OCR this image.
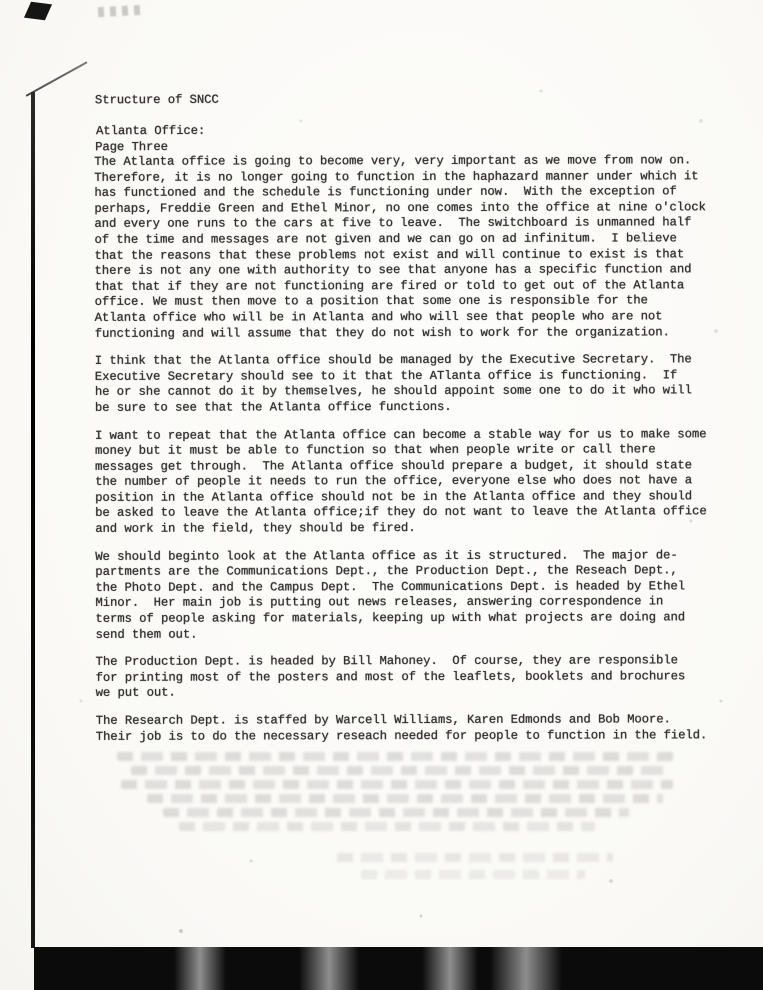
Structure of SNCC

Page Three

Atlanta Office:

The Atlanta office is going to become very, very important as we move from now on.
Therefore, it is no longer going to function in the haphazard manner under which it
has functioned and the schedule is functioning under now.  With the exception of
perhaps, Freddie Green and Ethel Minor, no one comes into the office at nine o'clock
and every one runs to the cars at five to leave.  The switchboard is unmanned half
of the time and messages are not given and we can go on ad infinitum.  I believe
that the reasons that these problems not exist and will continue to exist is that
there is not any one with authority to see that anyone has a specific function and
that that if they are not functioning are fired or told to get out of the Atlanta
office. We must then move to a position that some one is responsible for the
Atlanta office who will be in Atlanta and who will see that people who are not
functioning and will assume that they do not wish to work for the organization.

I think that the Atlanta office should be managed by the Executive Secretary.  The
Executive Secretary should see to it that the ATlanta office is functioning.  If
he or she cannot do it by themselves, he should appoint some one to do it who will
be sure to see that the Atlanta office functions.

I want to repeat that the Atlanta office can become a stable way for us to make some
money but it must be able to function so that when people write or call there
messages get through.  The Atlanta office should prepare a budget, it should state
the number of people it needs to run the office, everyone else who does not have a
position in the Atlanta office should not be in the Atlanta office and they should
be asked to leave the Atlanta office;if they do not want to leave the Atlanta office
and work in the field, they should be fired.

We should beginto look at the Atlanta office as it is structured.  The major de-
partments are the Communications Dept., the Production Dept., the Reseach Dept.,
the Photo Dept. and the Campus Dept.  The Communications Dept. is headed by Ethel
Minor.  Her main job is putting out news releases, answering correspondence in
terms of people asking for materials, keeping up with what projects are doing and
send them out.

The Production Dept. is headed by Bill Mahoney.  Of course, they are responsible
for printing most of the posters and most of the leaflets, booklets and brochures
we put out.

The Research Dept. is staffed by Warcell Williams, Karen Edmonds and Bob Moore.
Their job is to do the necessary reseach needed for people to function in the field.
